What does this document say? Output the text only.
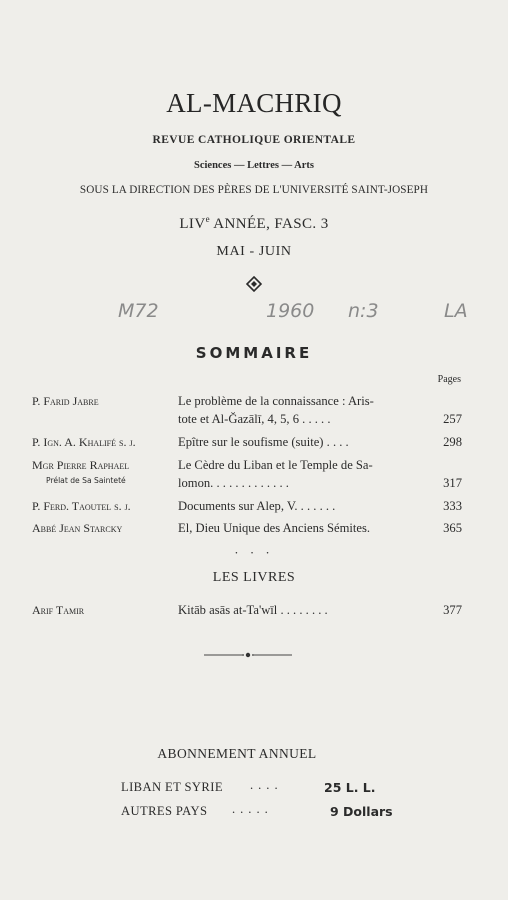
AL-MACHRIQ
REVUE CATHOLIQUE ORIENTALE
Sciences — Lettres — Arts
SOUS LA DIRECTION DES PÈRES DE L'UNIVERSITÉ SAINT-JOSEPH
LIVe ANNÉE, FASC. 3
MAI - JUIN
M72	1960 n:3	LA
SOMMAIRE
Pages
P. Farid Jabre	Le problème de la connaissance : Aris-
tote et Al-Ğazālī, 4, 5, 6 . . . . .	257
P. Ign. A. Khalifé s. j.	Epître sur le soufisme (suite) . . . .	298
Mgr Pierre Raphael
Prélat de Sa Sainteté
Le Cèdre du Liban et le Temple de Sa-
lomon. . . . . . . . . . . . .	317
P. Ferd. Taoutel s. j.	Documents sur Alep, V. . . . . . .	333
Abbé Jean Starcky	El, Dieu Unique des Anciens Sémites.	365
· · ·
LES LIVRES
Arif Tamir	Kitāb asās at-Ta'wīl . . . . . . . .	377
ABONNEMENT ANNUEL
LIBAN ET SYRIE ....	25 L. L.
AUTRES PAYS .....	9 Dollars
